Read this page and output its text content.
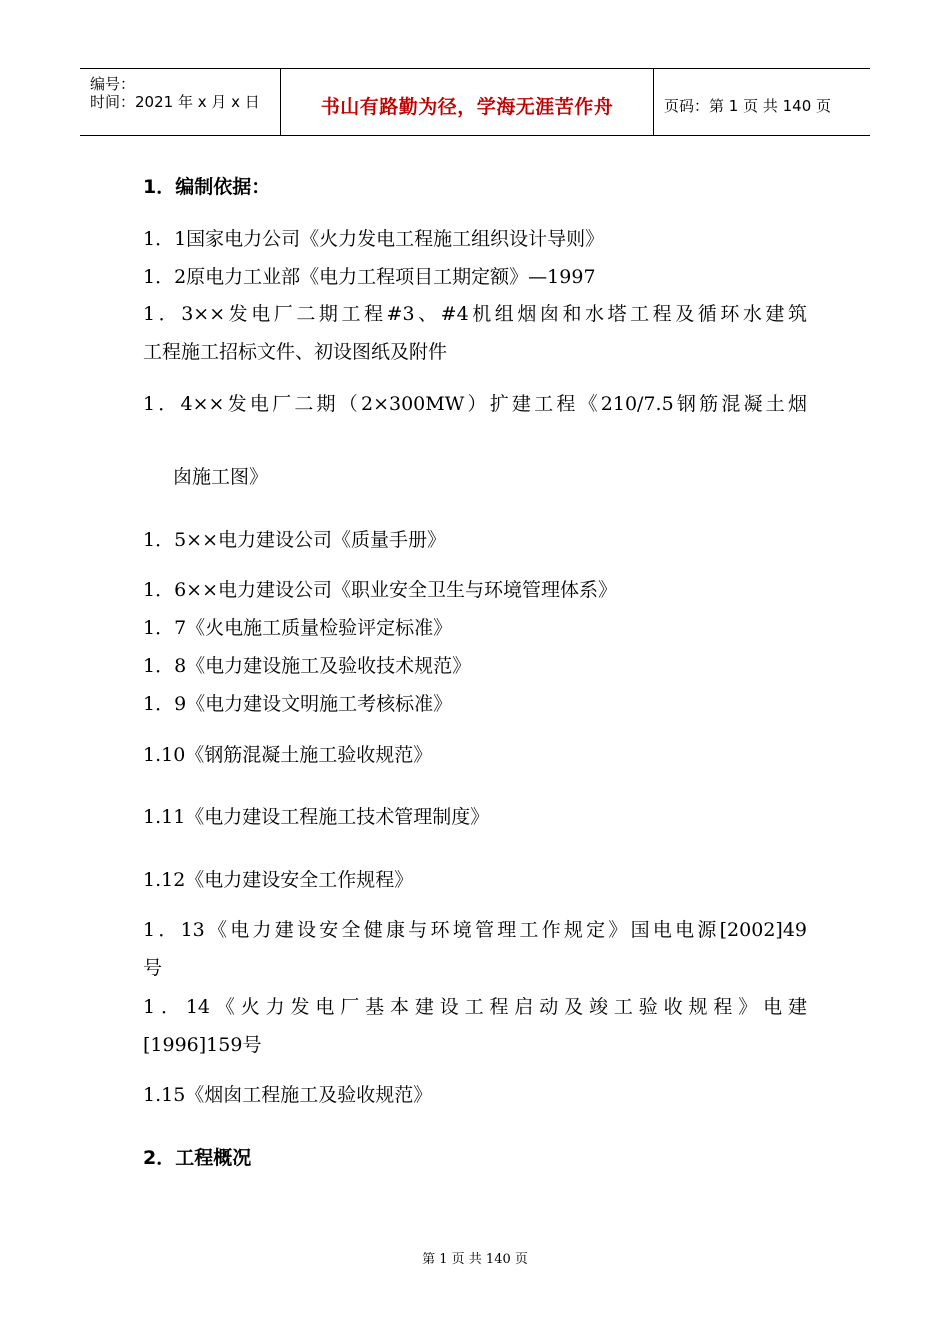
编号：
时间：2021 年 x 月 x 日	书山有路勤为径，学海无涯苦作舟	页码：第 1 页 共 140 页
1．编制依据：
1．1国家电力公司《火力发电工程施工组织设计导则》
1．2原电力工业部《电力工程项目工期定额》—1997
1．3××发电厂二期工程#3、#4机组烟囱和水塔工程及循环水建筑
工程施工招标文件、初设图纸及附件
1．4××发电厂二期（2×300MW）扩建工程《210/7.5钢筋混凝土烟
囱施工图》
1．5××电力建设公司《质量手册》
1．6××电力建设公司《职业安全卫生与环境管理体系》
1．7《火电施工质量检验评定标准》
1．8《电力建设施工及验收技术规范》
1．9《电力建设文明施工考核标准》
1.10《钢筋混凝土施工验收规范》
1.11《电力建设工程施工技术管理制度》
1.12《电力建设安全工作规程》
1．13《电力建设安全健康与环境管理工作规定》国电电源[2002]49
号
1．14《火力发电厂基本建设工程启动及竣工验收规程》电建
[1996]159号
1.15《烟囱工程施工及验收规范》
2．工程概况
第 1 页 共 140 页
